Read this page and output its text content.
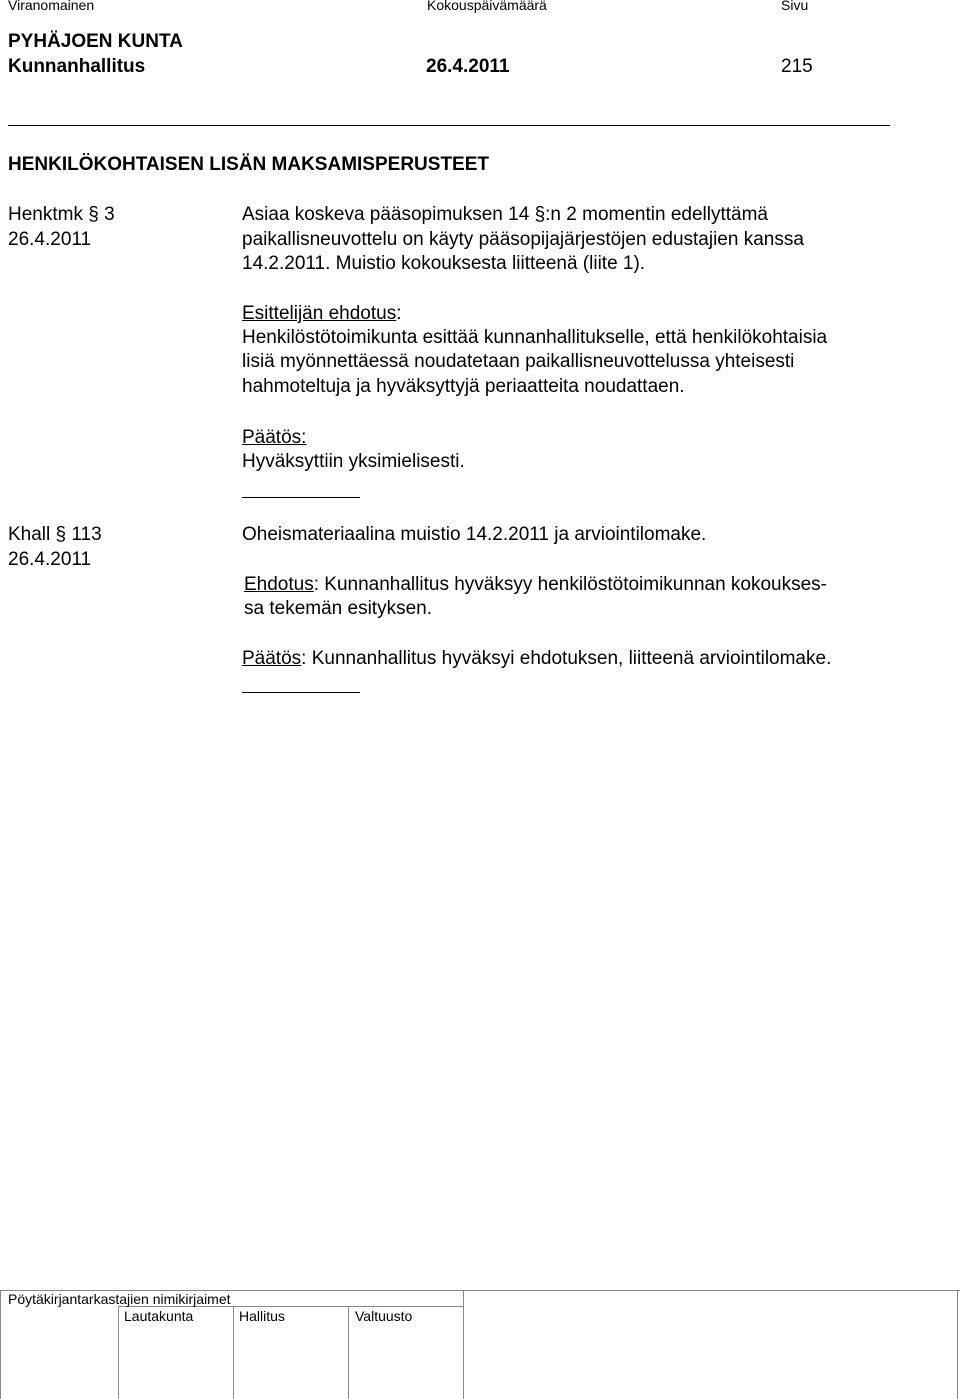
Viranomainen	Kokouspäivämäärä	Sivu
PYHÄJOEN KUNTA
Kunnanhallitus	26.4.2011	215
HENKILÖKOHTAISEN LISÄN MAKSAMISPERUSTEET
Henktmk § 3
26.4.2011
Asiaa koskeva pääsopimuksen 14 §:n 2 momentin edellyttämä
paikallisneuvottelu on käyty pääsopijajärjestöjen edustajien kanssa
14.2.2011. Muistio kokouksesta liitteenä (liite 1).
Esittelijän ehdotus:
Henkilöstötoimikunta esittää kunnanhallitukselle, että henkilökohtaisia
lisiä myönnettäessä noudatetaan paikallisneuvottelussa yhteisesti
hahmoteltuja ja hyväksyttyjä periaatteita noudattaen.
Päätös:
Hyväksyttiin yksimielisesti.
Khall § 113
26.4.2011
Oheismateriaalina muistio 14.2.2011 ja arviointilomake.
Ehdotus: Kunnanhallitus hyväksyy henkilöstötoimikunnan kokoukses-
sa tekemän esityksen.
Päätös: Kunnanhallitus hyväksyi ehdotuksen, liitteenä arviointilomake.
Pöytäkirjantarkastajien nimikirjaimet
Lautakunta	Hallitus	Valtuusto
